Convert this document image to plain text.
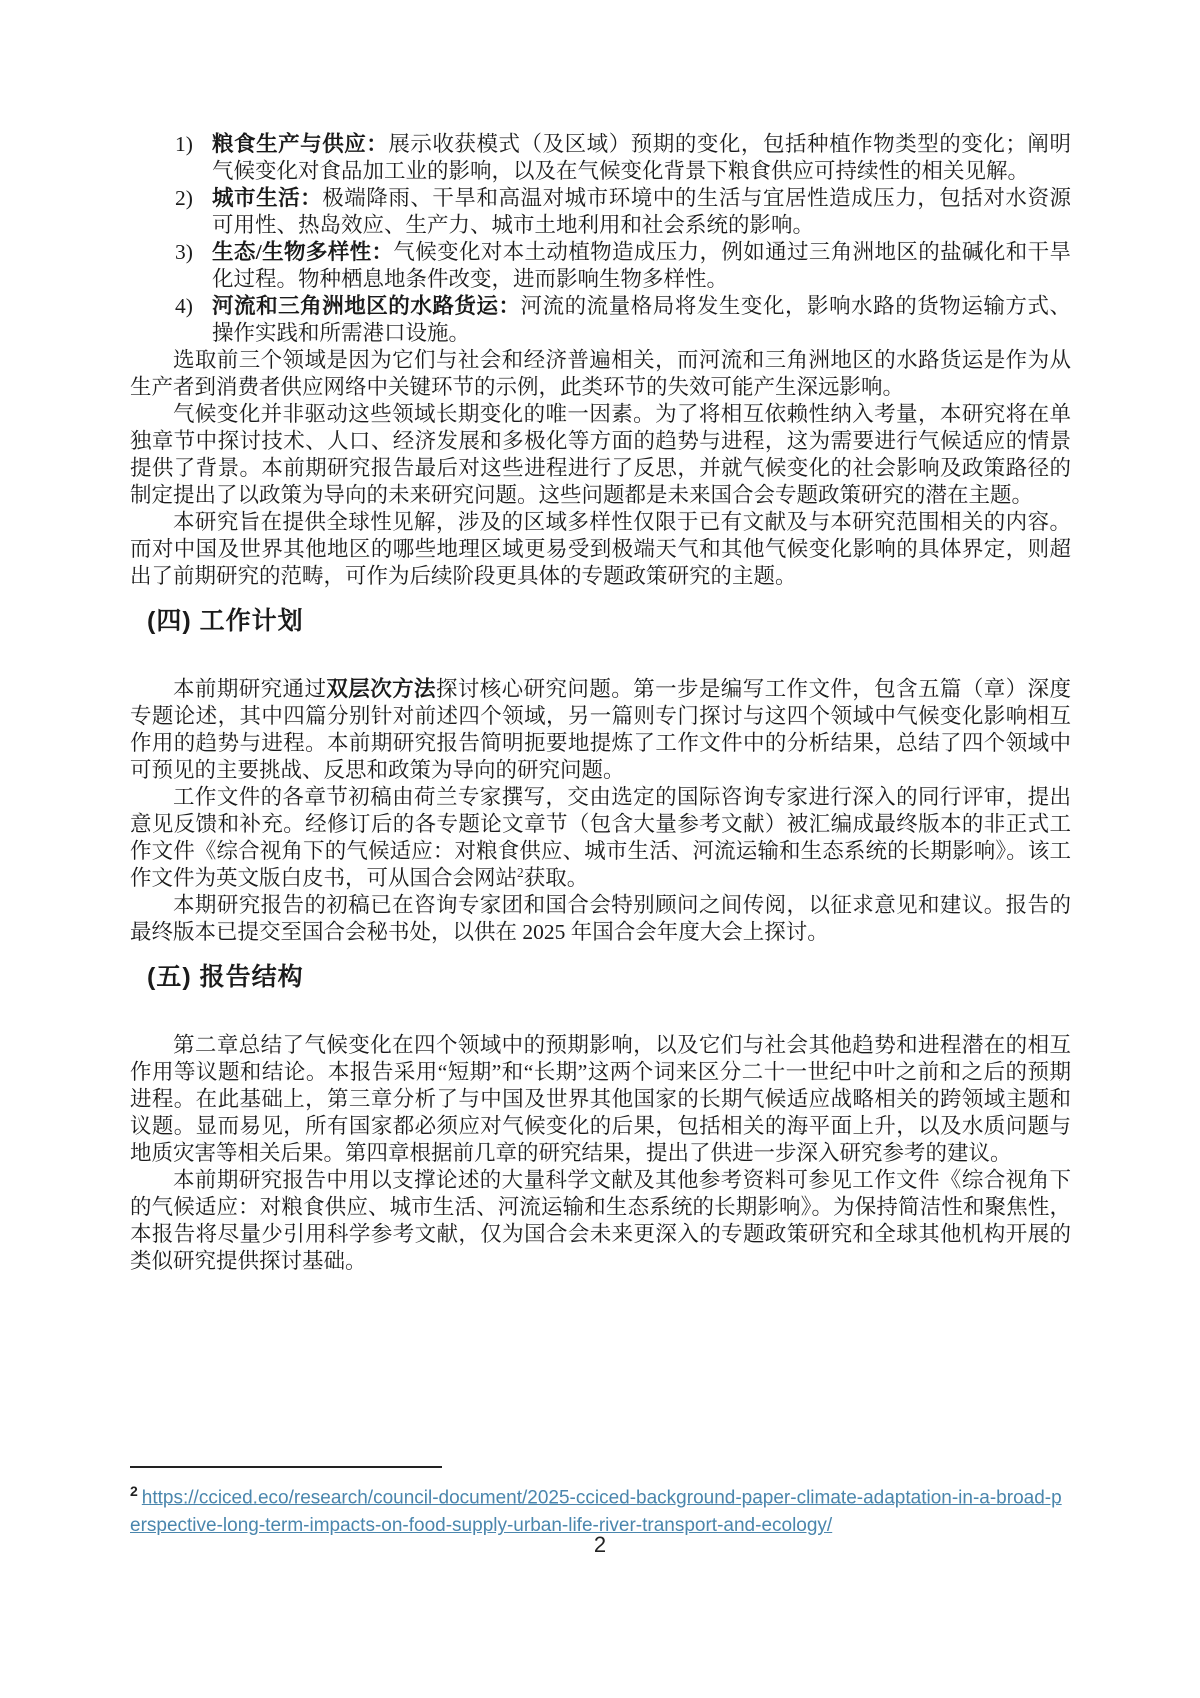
1) 粮食生产与供应：展示收获模式（及区域）预期的变化，包括种植作物类型的变化；阐明气候变化对食品加工业的影响，以及在气候变化背景下粮食供应可持续性的相关见解。
2) 城市生活：极端降雨、干旱和高温对城市环境中的生活与宜居性造成压力，包括对水资源可用性、热岛效应、生产力、城市土地利用和社会系统的影响。
3) 生态/生物多样性：气候变化对本土动植物造成压力，例如通过三角洲地区的盐碱化和干旱化过程。物种栖息地条件改变，进而影响生物多样性。
4) 河流和三角洲地区的水路货运：河流的流量格局将发生变化，影响水路的货物运输方式、操作实践和所需港口设施。

选取前三个领域是因为它们与社会和经济普遍相关，而河流和三角洲地区的水路货运是作为从生产者到消费者供应网络中关键环节的示例，此类环节的失效可能产生深远影响。

气候变化并非驱动这些领域长期变化的唯一因素。为了将相互依赖性纳入考量，本研究将在单独章节中探讨技术、人口、经济发展和多极化等方面的趋势与进程，这为需要进行气候适应的情景提供了背景。本前期研究报告最后对这些进程进行了反思，并就气候变化的社会影响及政策路径的制定提出了以政策为导向的未来研究问题。这些问题都是未来国合会专题政策研究的潜在主题。

本研究旨在提供全球性见解，涉及的区域多样性仅限于已有文献及与本研究范围相关的内容。而对中国及世界其他地区的哪些地理区域更易受到极端天气和其他气候变化影响的具体界定，则超出了前期研究的范畴，可作为后续阶段更具体的专题政策研究的主题。

(四) 工作计划

本前期研究通过双层次方法探讨核心研究问题。第一步是编写工作文件，包含五篇（章）深度专题论述，其中四篇分别针对前述四个领域，另一篇则专门探讨与这四个领域中气候变化影响相互作用的趋势与进程。本前期研究报告简明扼要地提炼了工作文件中的分析结果，总结了四个领域中可预见的主要挑战、反思和政策为导向的研究问题。

工作文件的各章节初稿由荷兰专家撰写，交由选定的国际咨询专家进行深入的同行评审，提出意见反馈和补充。经修订后的各专题论文章节（包含大量参考文献）被汇编成最终版本的非正式工作文件《综合视角下的气候适应：对粮食供应、城市生活、河流运输和生态系统的长期影响》。该工作文件为英文版白皮书，可从国合会网站$^2$获取。

本期研究报告的初稿已在咨询专家团和国合会特别顾问之间传阅，以征求意见和建议。报告的最终版本已提交至国合会秘书处，以供在 2025 年国合会年度大会上探讨。

(五) 报告结构

第二章总结了气候变化在四个领域中的预期影响，以及它们与社会其他趋势和进程潜在的相互作用等议题和结论。本报告采用“短期”和“长期”这两个词来区分二十一世纪中叶之前和之后的预期进程。在此基础上，第三章分析了与中国及世界其他国家的长期气候适应战略相关的跨领域主题和议题。显而易见，所有国家都必须应对气候变化的后果，包括相关的海平面上升，以及水质问题与地质灾害等相关后果。第四章根据前几章的研究结果，提出了供进一步深入研究参考的建议。

本前期研究报告中用以支撑论述的大量科学文献及其他参考资料可参见工作文件《综合视角下的气候适应：对粮食供应、城市生活、河流运输和生态系统的长期影响》。为保持简洁性和聚焦性，本报告将尽量少引用科学参考文献，仅为国合会未来更深入的专题政策研究和全球其他机构开展的类似研究提供探讨基础。

$^2$ https://cciced.eco/research/council-document/2025-cciced-background-paper-climate-adaptation-in-a-broad-perspective-long-term-impacts-on-food-supply-urban-life-river-transport-and-ecology/
2
